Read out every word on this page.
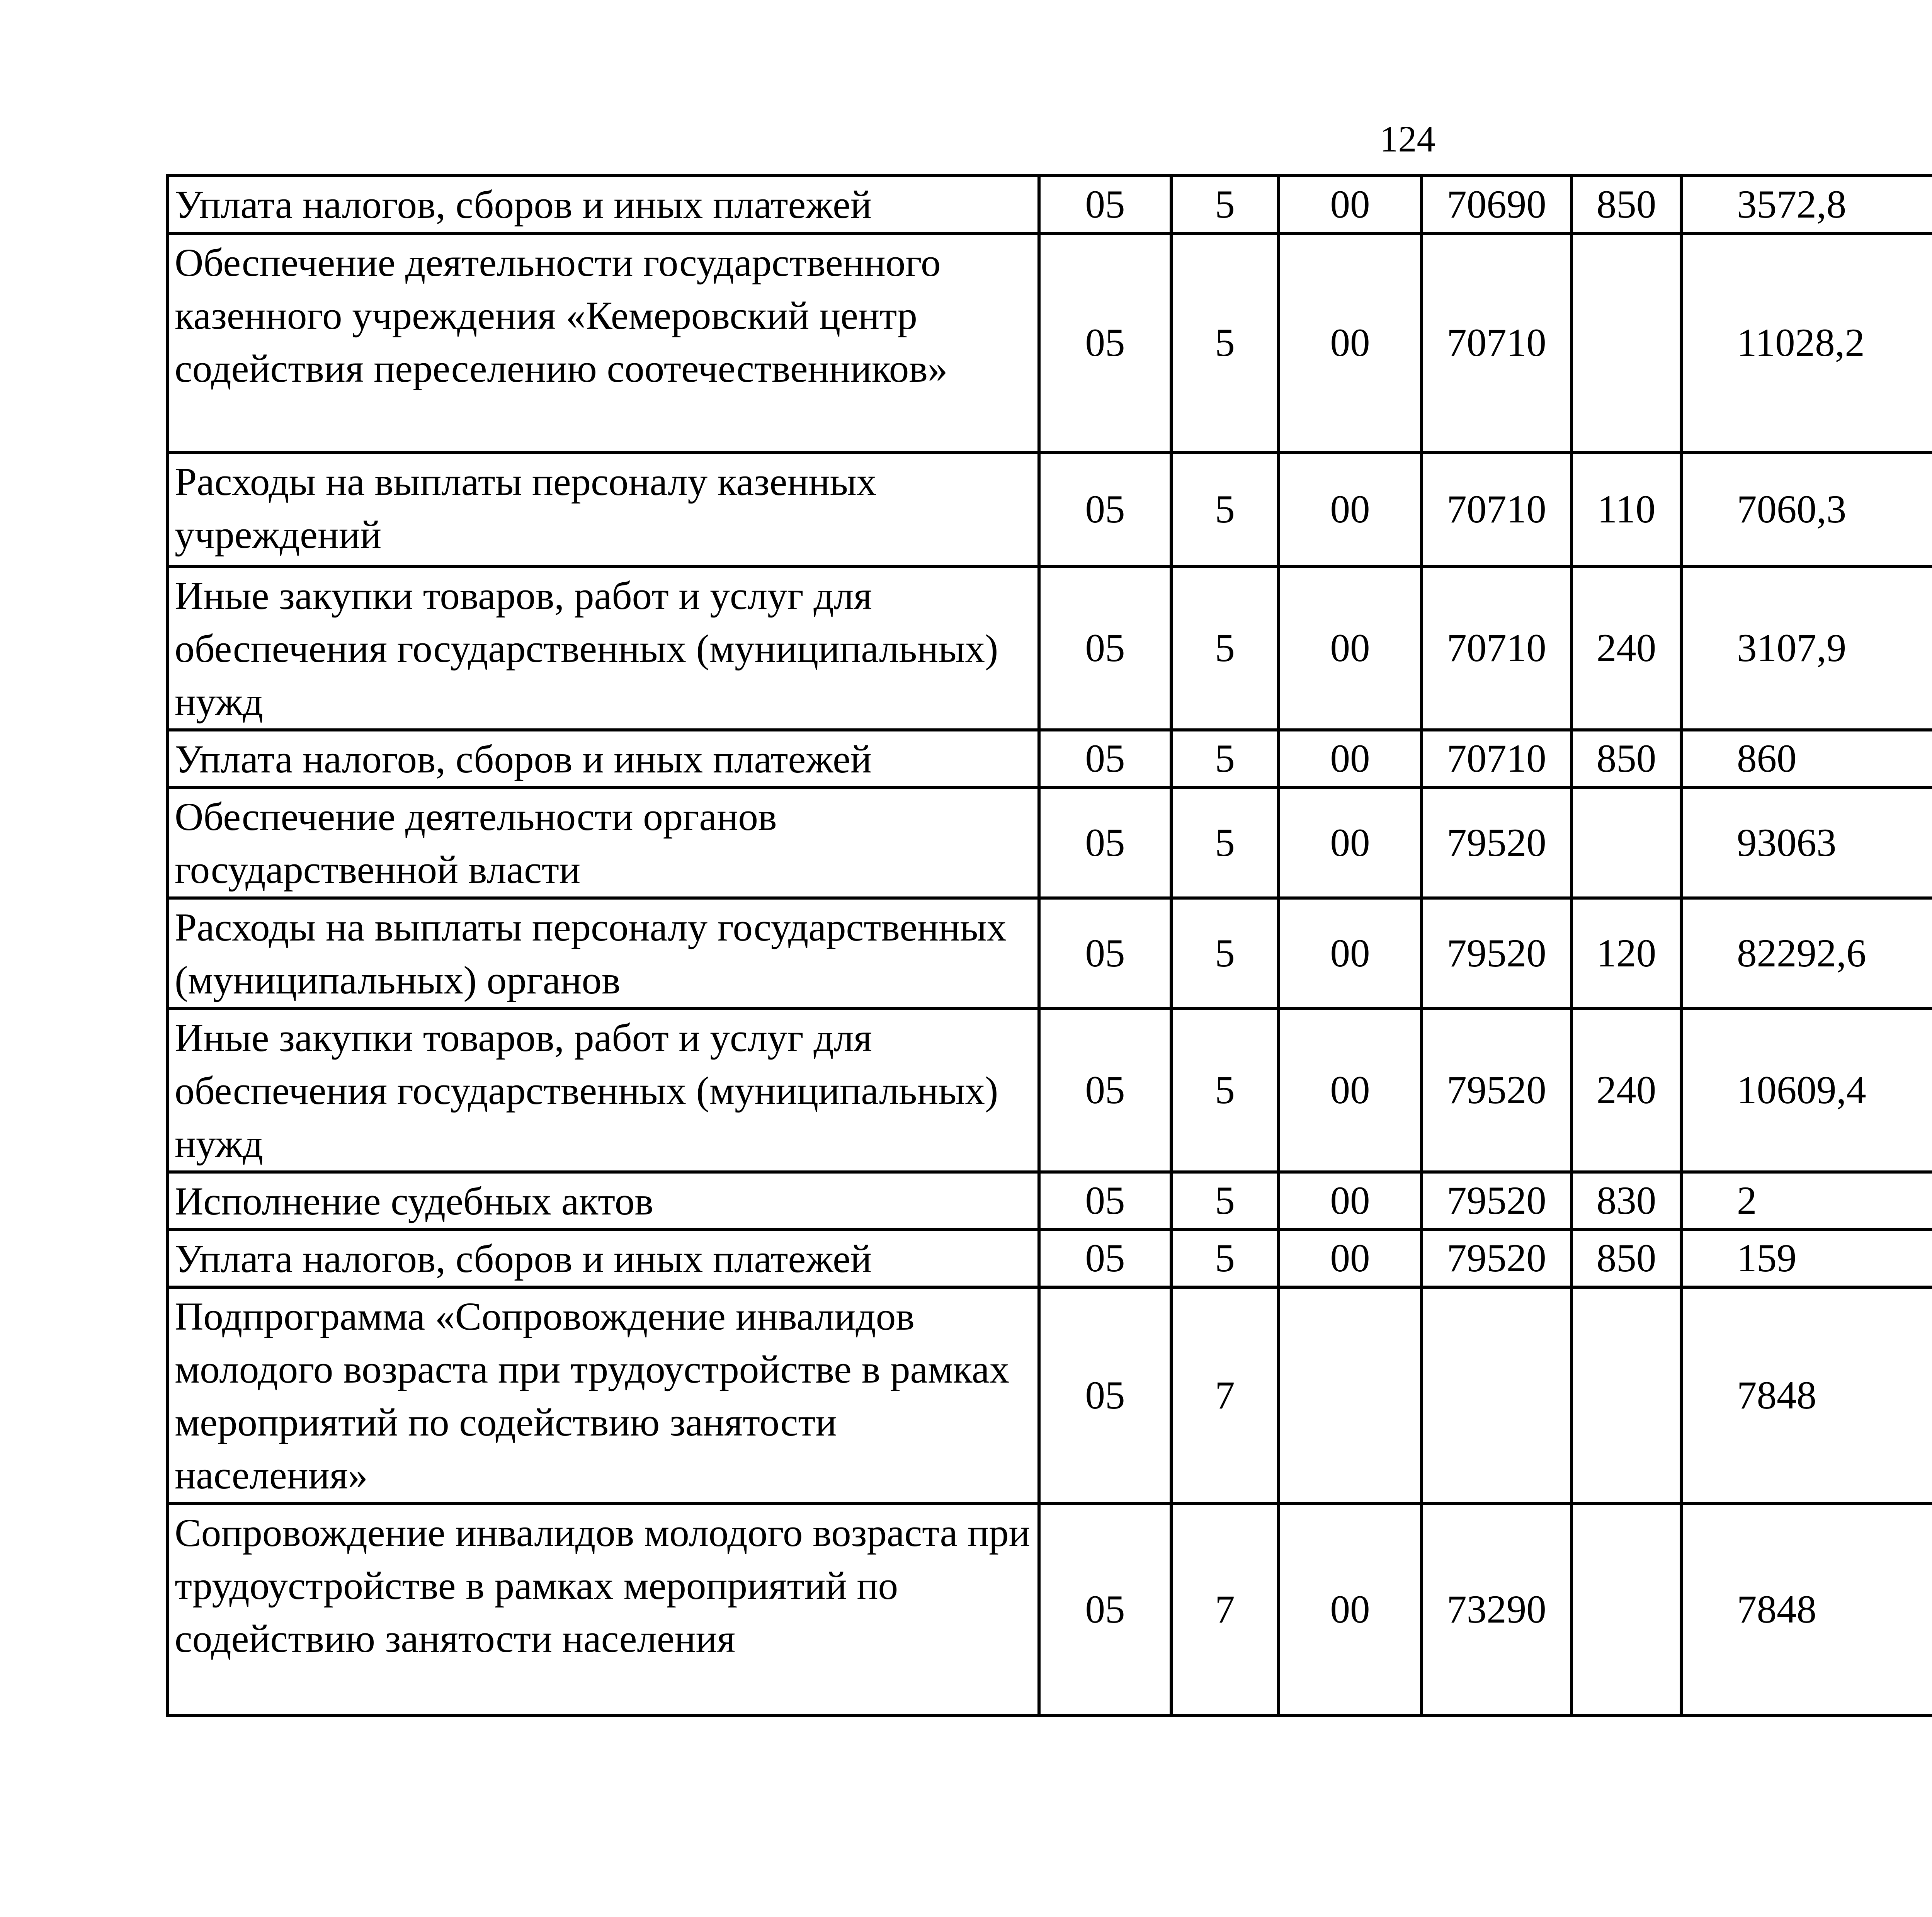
124
Уплата налогов, сборов и иных платежей	05	5	00	70690	850	3572,8		
Обеспечение деятельности государственного казенного учреждения «Кемеровский центр содействия переселению соотечественников»	05	5	00	70710		11028,2		
Расходы на выплаты персоналу казенных учреждений	05	5	00	70710	110	7060,3		
Иные закупки товаров, работ и услуг для обеспечения государственных (муниципальных) нужд	05	5	00	70710	240	3107,9		
Уплата налогов, сборов и иных платежей	05	5	00	70710	850	860		
Обеспечение деятельности органов государственной власти	05	5	00	79520		93063		
Расходы на выплаты персоналу государственных (муниципальных) органов	05	5	00	79520	120	82292,6		
Иные закупки товаров, работ и услуг для обеспечения государственных (муниципальных) нужд	05	5	00	79520	240	10609,4		
Исполнение судебных актов	05	5	00	79520	830	2		
Уплата налогов, сборов и иных платежей	05	5	00	79520	850	159		
Подпрограмма «Сопровождение инвалидов молодого возраста при трудоустройстве в рамках мероприятий по содействию занятости населения»	05	7				7848		
Сопровождение инвалидов молодого возраста при трудоустройстве в рамках мероприятий по содействию занятости населения	05	7	00	73290		7848		
